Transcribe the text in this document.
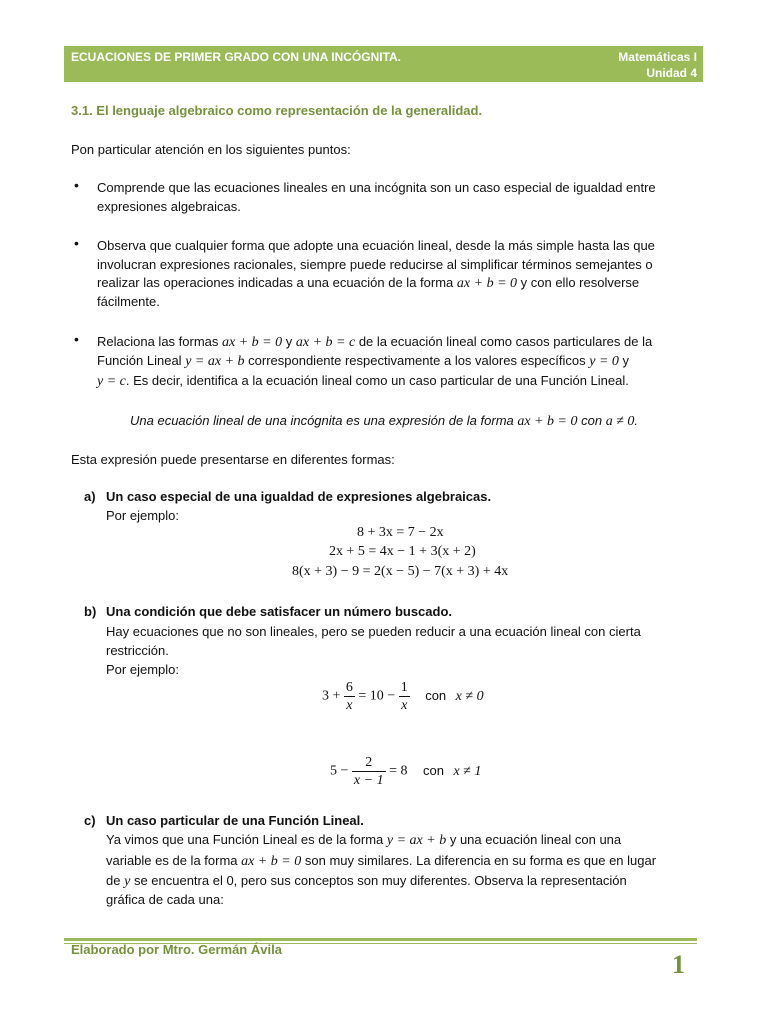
ECUACIONES DE PRIMER GRADO CON UNA INCÓGNITA.	Matemáticas I
Unidad 4
3.1. El lenguaje algebraico como representación de la generalidad.
Pon particular atención en los siguientes puntos:
• Comprende que las ecuaciones lineales en una incógnita son un caso especial de igualdad entre
expresiones algebraicas.
• Observa que cualquier forma que adopte una ecuación lineal, desde la más simple hasta las que
involucran expresiones racionales, siempre puede reducirse al simplificar términos semejantes o
realizar las operaciones indicadas a una ecuación de la forma ax + b = 0 y con ello resolverse
fácilmente.
• Relaciona las formas ax + b = 0 y ax + b = c de la ecuación lineal como casos particulares de la
Función Lineal y = ax + b correspondiente respectivamente a los valores específicos y = 0 y
y = c. Es decir, identifica a la ecuación lineal como un caso particular de una Función Lineal.
Una ecuación lineal de una incógnita es una expresión de la forma ax + b = 0 con a ≠ 0.
Esta expresión puede presentarse en diferentes formas:
a) Un caso especial de una igualdad de expresiones algebraicas.
Por ejemplo:
8 + 3x = 7 − 2x
2x + 5 = 4x − 1 + 3(x + 2)
8(x + 3) − 9 = 2(x − 5) − 7(x + 3) + 4x
b) Una condición que debe satisfacer un número buscado.
Hay ecuaciones que no son lineales, pero se pueden reducir a una ecuación lineal con cierta
restricción.
Por ejemplo:
$3 + \frac{6}{x} = 10 - \frac{1}{x}$ con x ≠ 0
$5 - \frac{2}{x - 1} = 8$ con x ≠ 1
c) Un caso particular de una Función Lineal.
Ya vimos que una Función Lineal es de la forma y = ax + b y una ecuación lineal con una
variable es de la forma ax + b = 0 son muy similares. La diferencia en su forma es que en lugar
de y se encuentra el 0, pero sus conceptos son muy diferentes. Observa la representación
gráfica de cada una:
Elaborado por Mtro. Germán Ávila
1
